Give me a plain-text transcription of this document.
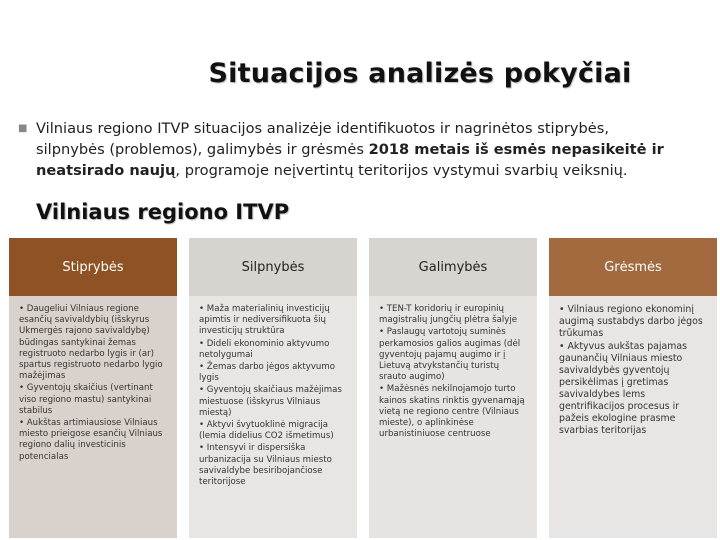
Situacijos analizės pokyčiai
■ Vilniaus regiono ITVP situacijos analizėje identifikuotos ir nagrinėtos stiprybės, silpnybės (problemos), galimybės ir grėsmės 2018 metais iš esmės nepasikeitė ir neatsirado naujų, programoje neįvertintų teritorijos vystymui svarbių veiksnių.
Vilniaus regiono ITVP
Stiprybės

• Daugeliui Vilniaus regione esančių savivaldybių (išskyrus Ukmergės rajono savivaldybę) būdingas santykinai žemas registruoto nedarbo lygis ir (ar) spartus registruoto nedarbo lygio mažėjimas

• Gyventojų skaičius (vertinant viso regiono mastu) santykinai stabilus

• Aukštas artimiausiose Vilniaus miesto prieigose esančių Vilniaus regiono dalių investicinis potencialas

Silpnybės

• Maža materialinių investicijų apimtis ir nediversifikuota šių investicijų struktūra

• Dideli ekonominio aktyvumo netolygumai

• Žemas darbo jėgos aktyvumo lygis

• Gyventojų skaičiaus mažėjimas miestuose (išskyrus Vilniaus miestą)

• Aktyvi švytuoklinė migracija (lemia didelius CO2 išmetimus)

• Intensyvi ir dispersiška urbanizacija su Vilniaus miesto savivaldybe besiribojančiose teritorijose

Galimybės

• TEN-T koridorių ir europinių magistralių jungčių plėtra šalyje

• Paslaugų vartotojų suminės perkamosios galios augimas (dėl gyventojų pajamų augimo ir į Lietuvą atvykstančių turistų srauto augimo)

• Mažėsnės nekilnojamojo turto kainos skatins rinktis gyvenamąją vietą ne regiono centre (Vilniaus mieste), o aplinkinėse urbanistiniuose centruose

Grėsmės

• Vilniaus regiono ekonominį augimą sustabdys darbo jėgos trūkumas

• Aktyvus aukštas pajamas gaunančių Vilniaus miesto savivaldybės gyventojų persikėlimas į gretimas savivaldybes lems gentrifikacijos procesus ir pažeis ekologine prasme svarbias teritorijas
